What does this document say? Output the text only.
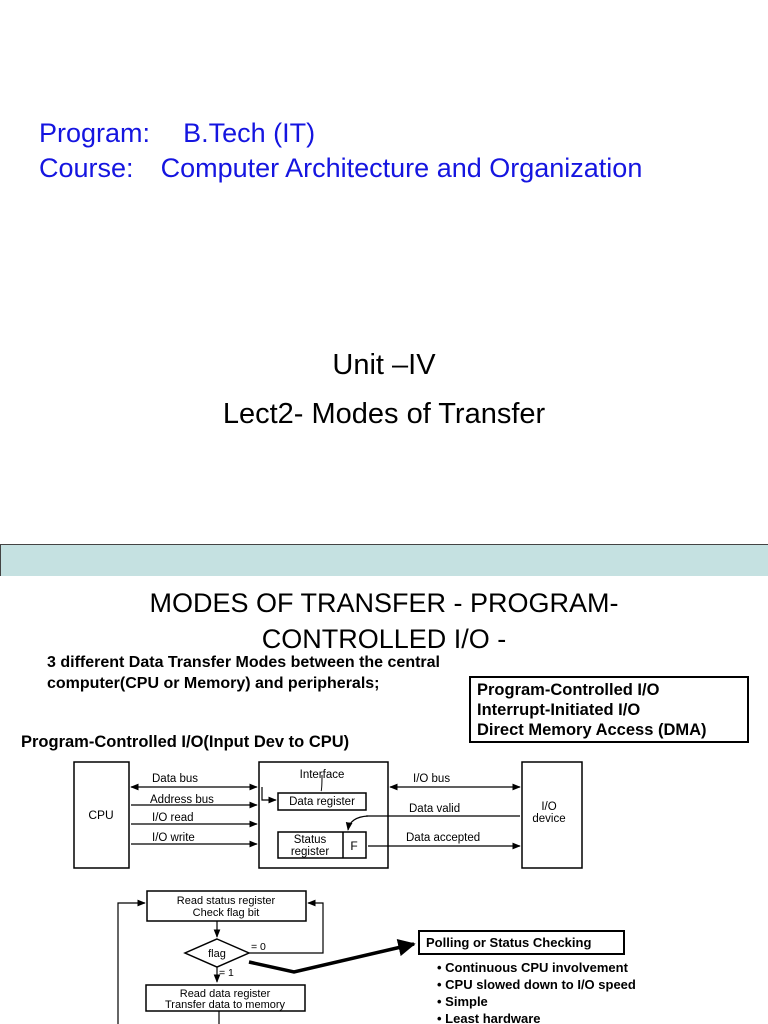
Program: B.Tech (IT)
Course: Computer Architecture and Organization
Unit –IV
Lect2- Modes of Transfer
MODES OF TRANSFER - PROGRAM-
CONTROLLED I/O -
3 different Data Transfer Modes between the central
computer(CPU or Memory) and peripherals;	Program-Controlled I/O
Interrupt-Initiated I/O
Direct Memory Access (DMA)
Program-Controlled I/O(Input Dev to CPU)
CPU
Interface
Data register
Status
register F
I/O
device
Data bus
Address bus
I/O read
I/O write
I/O bus
Data valid
Data accepted
Read status register
Check flag bit
flag
= 0
= 1
Read data register
Transfer data to memory
Polling or Status Checking
• Continuous CPU involvement
• CPU slowed down to I/O speed
• Simple
• Least hardware
